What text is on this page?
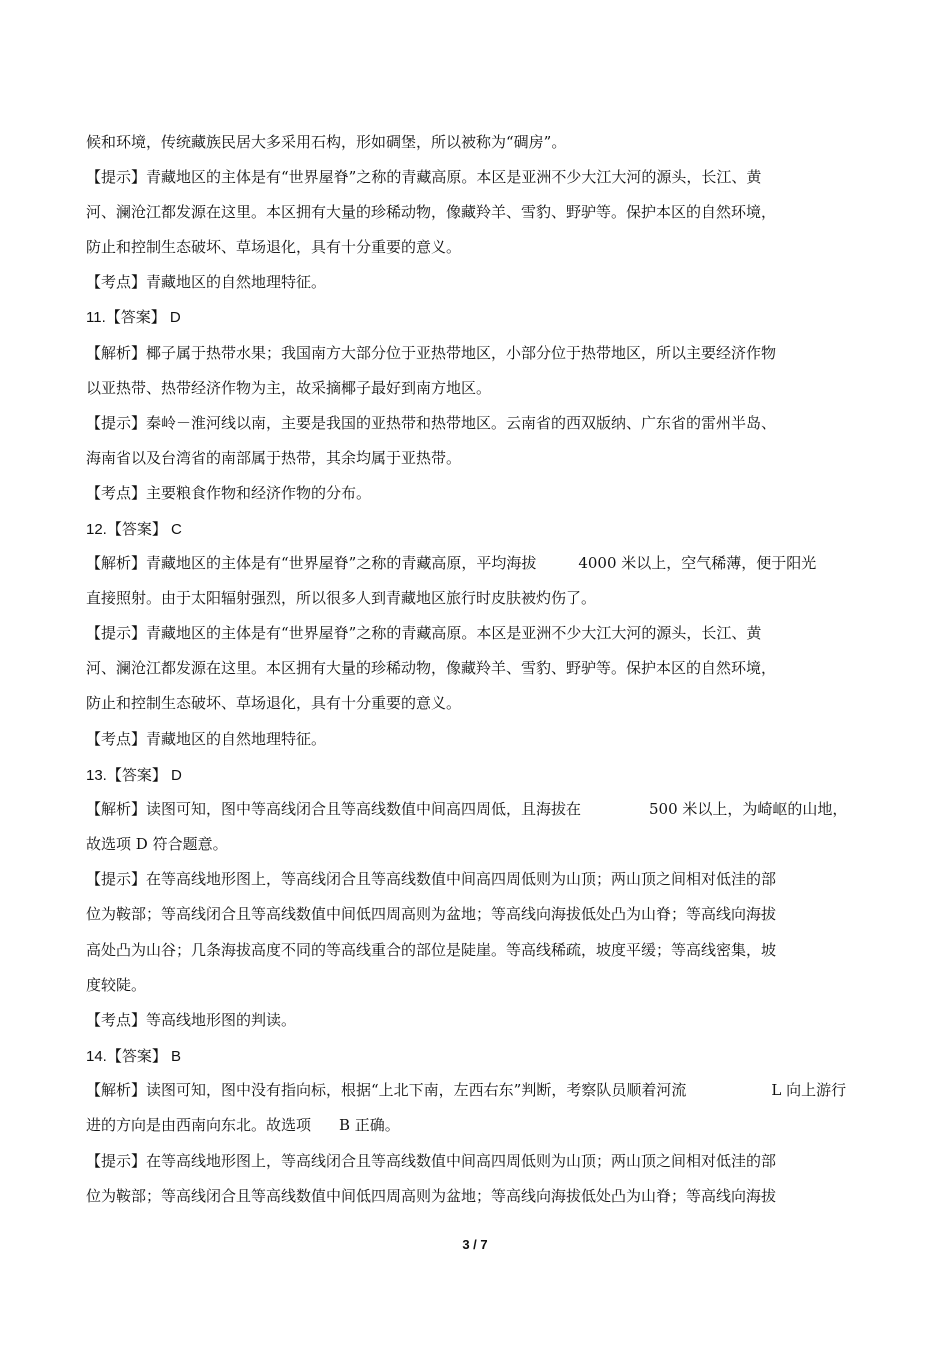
候和环境，传统藏族民居大多采用石构，形如碉堡，所以被称为“碉房”。
【提示】青藏地区的主体是有“世界屋脊”之称的青藏高原。本区是亚洲不少大江大河的源头，长江、黄
河、澜沧江都发源在这里。本区拥有大量的珍稀动物，像藏羚羊、雪豹、野驴等。保护本区的自然环境，
防止和控制生态破坏、草场退化，具有十分重要的意义。
【考点】青藏地区的自然地理特征。
11.【答案】 D
【解析】椰子属于热带水果；我国南方大部分位于亚热带地区，小部分位于热带地区，所以主要经济作物
以亚热带、热带经济作物为主，故采摘椰子最好到南方地区。
【提示】秦岭－淮河线以南，主要是我国的亚热带和热带地区。云南省的西双版纳、广东省的雷州半岛、
海南省以及台湾省的南部属于热带，其余均属于亚热带。
【考点】主要粮食作物和经济作物的分布。
12.【答案】 C
【解析】青藏地区的主体是有“世界屋脊”之称的青藏高原，平均海拔	4000 米以上，空气稀薄，便于阳光
直接照射。由于太阳辐射强烈，所以很多人到青藏地区旅行时皮肤被灼伤了。
【提示】青藏地区的主体是有“世界屋脊”之称的青藏高原。本区是亚洲不少大江大河的源头，长江、黄
河、澜沧江都发源在这里。本区拥有大量的珍稀动物，像藏羚羊、雪豹、野驴等。保护本区的自然环境，
防止和控制生态破坏、草场退化，具有十分重要的意义。
【考点】青藏地区的自然地理特征。
13.【答案】 D
【解析】读图可知，图中等高线闭合且等高线数值中间高四周低，且海拔在	500 米以上，为崎岖的山地，
故选项 D 符合题意。
【提示】在等高线地形图上，等高线闭合且等高线数值中间高四周低则为山顶；两山顶之间相对低洼的部
位为鞍部；等高线闭合且等高线数值中间低四周高则为盆地；等高线向海拔低处凸为山脊；等高线向海拔
高处凸为山谷；几条海拔高度不同的等高线重合的部位是陡崖。等高线稀疏，坡度平缓；等高线密集，坡
度较陡。
【考点】等高线地形图的判读。
14.【答案】 B
【解析】读图可知，图中没有指向标，根据“上北下南，左西右东”判断，考察队员顺着河流	L 向上游行
进的方向是由西南向东北。故选项 B 正确。
【提示】在等高线地形图上，等高线闭合且等高线数值中间高四周低则为山顶；两山顶之间相对低洼的部
位为鞍部；等高线闭合且等高线数值中间低四周高则为盆地；等高线向海拔低处凸为山脊；等高线向海拔
3 / 7
